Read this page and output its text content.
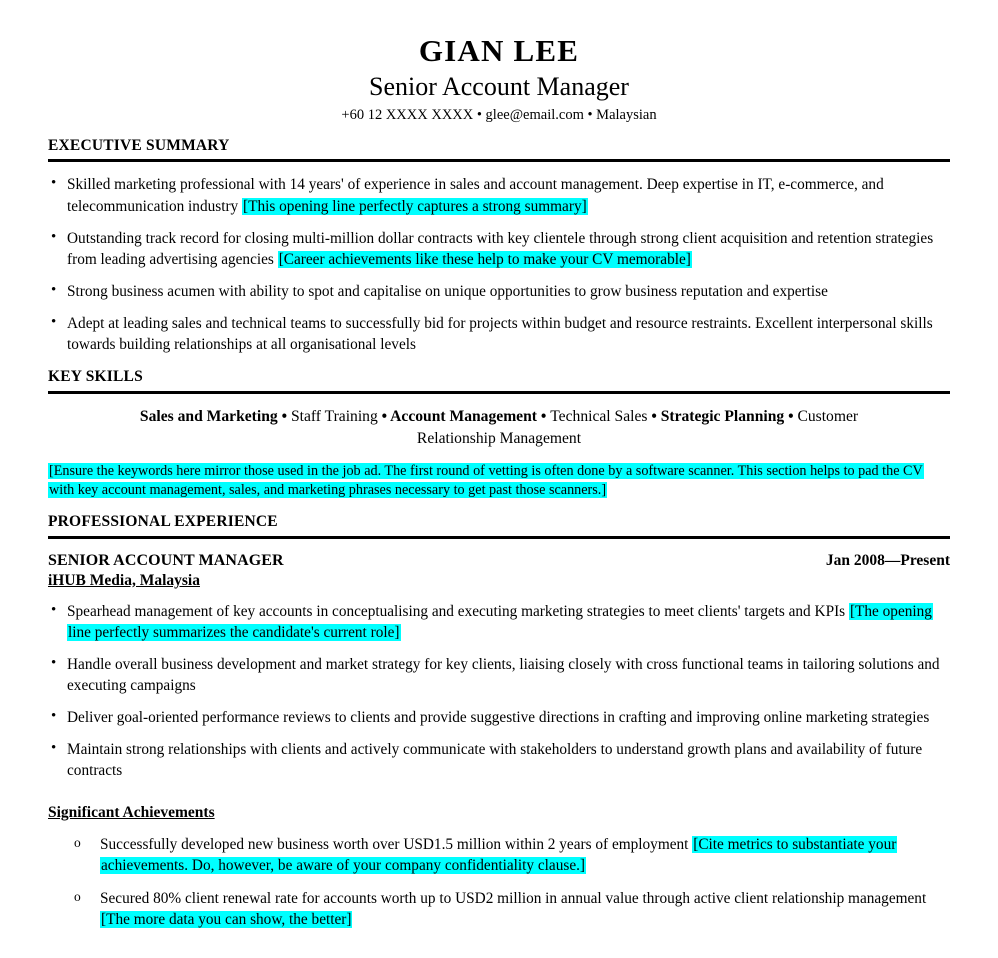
GIAN LEE
Senior Account Manager
+60 12 XXXX XXXX • glee@email.com • Malaysian
EXECUTIVE SUMMARY
• Skilled marketing professional with 14 years' of experience in sales and account management. Deep expertise in IT, e-commerce, and telecommunication industry [This opening line perfectly captures a strong summary]
• Outstanding track record for closing multi-million dollar contracts with key clientele through strong client acquisition and retention strategies from leading advertising agencies [Career achievements like these help to make your CV memorable]
• Strong business acumen with ability to spot and capitalise on unique opportunities to grow business reputation and expertise
• Adept at leading sales and technical teams to successfully bid for projects within budget and resource restraints. Excellent interpersonal skills towards building relationships at all organisational levels
KEY SKILLS
Sales and Marketing • Staff Training • Account Management • Technical Sales • Strategic Planning • Customer Relationship Management
[Ensure the keywords here mirror those used in the job ad. The first round of vetting is often done by a software scanner. This section helps to pad the CV with key account management, sales, and marketing phrases necessary to get past those scanners.]
PROFESSIONAL EXPERIENCE
SENIOR ACCOUNT MANAGER	Jan 2008—Present
iHUB Media, Malaysia
• Spearhead management of key accounts in conceptualising and executing marketing strategies to meet clients' targets and KPIs [The opening line perfectly summarizes the candidate's current role]
• Handle overall business development and market strategy for key clients, liaising closely with cross functional teams in tailoring solutions and executing campaigns
• Deliver goal-oriented performance reviews to clients and provide suggestive directions in crafting and improving online marketing strategies
• Maintain strong relationships with clients and actively communicate with stakeholders to understand growth plans and availability of future contracts
Significant Achievements
o Successfully developed new business worth over USD1.5 million within 2 years of employment [Cite metrics to substantiate your achievements. Do, however, be aware of your company confidentiality clause.]
o Secured 80% client renewal rate for accounts worth up to USD2 million in annual value through active client relationship management [The more data you can show, the better]
